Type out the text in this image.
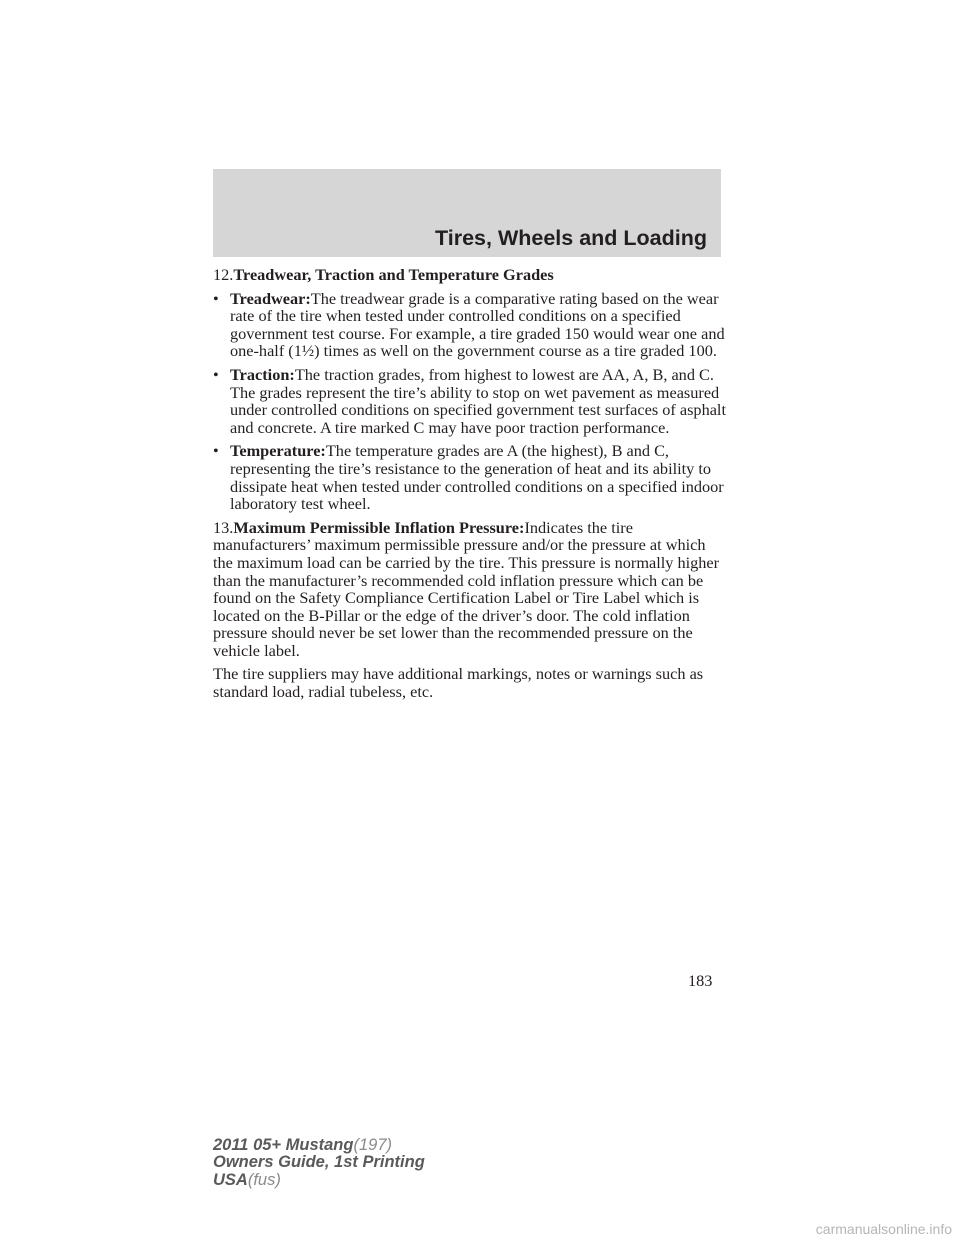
Tires, Wheels and Loading

12.Treadwear, Traction and Temperature Grades

• Treadwear:The treadwear grade is a comparative rating based on the wear rate of the tire when tested under controlled conditions on a specified government test course. For example, a tire graded 150 would wear one and one-half (1½) times as well on the government course as a tire graded 100.
• Traction:The traction grades, from highest to lowest are AA, A, B, and C. The grades represent the tire’s ability to stop on wet pavement as measured under controlled conditions on specified government test surfaces of asphalt and concrete. A tire marked C may have poor traction performance.
• Temperature:The temperature grades are A (the highest), B and C, representing the tire’s resistance to the generation of heat and its ability to dissipate heat when tested under controlled conditions on a specified indoor laboratory test wheel.

13.Maximum Permissible Inflation Pressure:Indicates the tire manufacturers’ maximum permissible pressure and/or the pressure at which the maximum load can be carried by the tire. This pressure is normally higher than the manufacturer’s recommended cold inflation pressure which can be found on the Safety Compliance Certification Label or Tire Label which is located on the B-Pillar or the edge of the driver’s door. The cold inflation pressure should never be set lower than the recommended pressure on the vehicle label.

The tire suppliers may have additional markings, notes or warnings such as standard load, radial tubeless, etc.

183
2011 05+ Mustang(197)
Owners Guide, 1st Printing
USA(fus)
carmanualsonline.info
